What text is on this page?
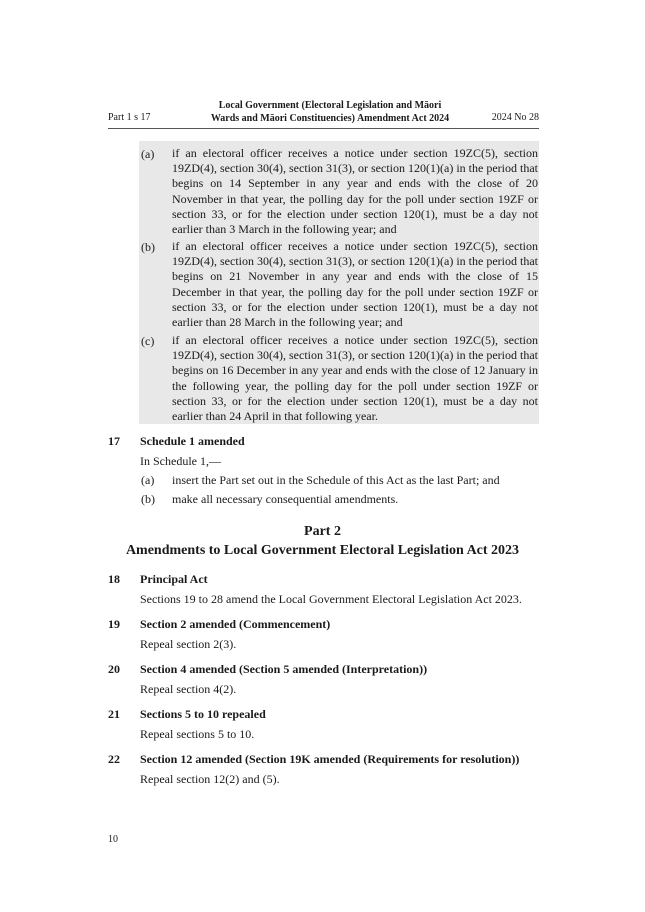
Part 1 s 17
Local Government (Electoral Legislation and Māori
Wards and Māori Constituencies) Amendment Act 2024	2024 No 28
(a) if an electoral officer receives a notice under section 19ZC(5), section 19ZD(4), section 30(4), section 31(3), or section 120(1)(a) in the period that begins on 14 September in any year and ends with the close of 20 November in that year, the polling day for the poll under section 19ZF or section 33, or for the election under section 120(1), must be a day not earlier than 3 March in the following year; and
(b) if an electoral officer receives a notice under section 19ZC(5), section 19ZD(4), section 30(4), section 31(3), or section 120(1)(a) in the period that begins on 21 November in any year and ends with the close of 15 December in that year, the polling day for the poll under section 19ZF or section 33, or for the election under section 120(1), must be a day not earlier than 28 March in the following year; and
(c) if an electoral officer receives a notice under section 19ZC(5), section 19ZD(4), section 30(4), section 31(3), or section 120(1)(a) in the period that begins on 16 December in any year and ends with the close of 12 January in the following year, the polling day for the poll under section 19ZF or section 33, or for the election under section 120(1), must be a day not earlier than 24 April in that following year.
17 Schedule 1 amended
In Schedule 1,—
(a) insert the Part set out in the Schedule of this Act as the last Part; and
(b) make all necessary consequential amendments.
Part 2
Amendments to Local Government Electoral Legislation Act 2023
18 Principal Act
Sections 19 to 28 amend the Local Government Electoral Legislation Act 2023.
19 Section 2 amended (Commencement)
Repeal section 2(3).
20 Section 4 amended (Section 5 amended (Interpretation))
Repeal section 4(2).
21 Sections 5 to 10 repealed
Repeal sections 5 to 10.
22 Section 12 amended (Section 19K amended (Requirements for resolution))
Repeal section 12(2) and (5).
10
